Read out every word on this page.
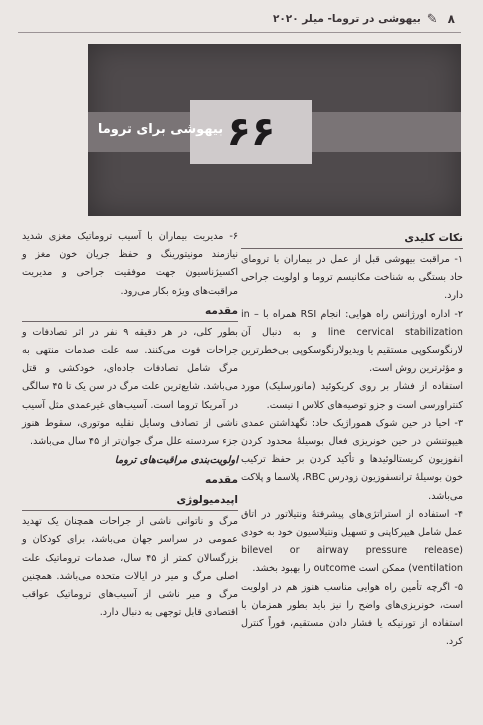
۸
✎
بیهوشی در تروما- میلر ۲۰۲۰
۶۶
بیهوشی برای تروما
نکات کلیدی

۱- مراقبت بیهوشی قبل از عمل در بیماران با ترومای حاد بستگی به شناخت مکانیسم تروما و اولویت جراحی دارد.

۲- اداره اورژانس راه هوایی: انجام RSI همراه با in – line cervical stabilization و به دنبال آن لارنگوسکوپی مستقیم یا ویدیولارنگوسکوپی بی‌خطرترین و مؤثرترین روش است.

استفاده از فشار بر روی کریکوئید (مانورسلیک) مورد کنتراورسی است و جزو توصیه‌های کلاس I نیست.

۳- احیا در حین شوک هموراژیک حاد: نگهداشتن عمدی هیپوتنشن در حین خونریزی فعال بوسیلهٔ محدود کردن انفوزیون کریستالوئیدها و تأکید کردن بر حفظ ترکیب خون بوسیلهٔ ترانسفوزیون زودرس RBC، پلاسما و پلاکت می‌باشد.

۴- استفاده از استراتژی‌های پیشرفتهٔ ونتیلاتور در اتاق عمل شامل هیپرکاپنی و تسهیل ونتیلاسیون خود به خودی (bilevel or airway pressure release ventilation) ممکن است outcome را بهبود بخشد.

۵- اگرچه تأمین راه هوایی مناسب هنوز هم در اولویت است، خونریزی‌های واضح را نیز باید بطور همزمان با استفاده از تورنیکه یا فشار دادن مستقیم، فوراً کنترل کرد.

۶- مدیریت بیماران با آسیب تروماتیک مغزی شدید نیازمند مونیتورینگ و حفظ جریان خون مغز و اکسیژناسیون جهت موفقیت جراحی و مدیریت مراقبت‌های ویژه بکار می‌رود.

مقدمه

بطور کلی، در هر دقیقه ۹ نفر در اثر تصادفات و جراحات فوت می‌کنند. سه علت صدمات منتهی به مرگ شامل تصادفات جاده‌ای، خودکشی و قتل می‌باشد. شایع‌ترین علت مرگ در سن یک تا ۴۵ سالگی در آمریکا تروما است. آسیب‌های غیرعمدی مثل آسیب ناشی از تصادف وسایل نقلیه موتوری، سقوط هنوز جزء سردسته علل مرگ جوان‌تر از ۴۵ سال می‌باشد.

اولویت‌بندی مراقبت‌های تروما
مقدمه
اپیدمیولوژی

مرگ و ناتوانی ناشی از جراحات همچنان یک تهدید عمومی در سراسر جهان می‌باشد، برای کودکان و بزرگسالان کمتر از ۴۵ سال، صدمات تروماتیک علت اصلی مرگ و میر در ایالات متحده می‌باشد. همچنین مرگ و میر ناشی از آسیب‌های تروماتیک عواقب اقتصادی قابل توجهی به دنبال دارد.
